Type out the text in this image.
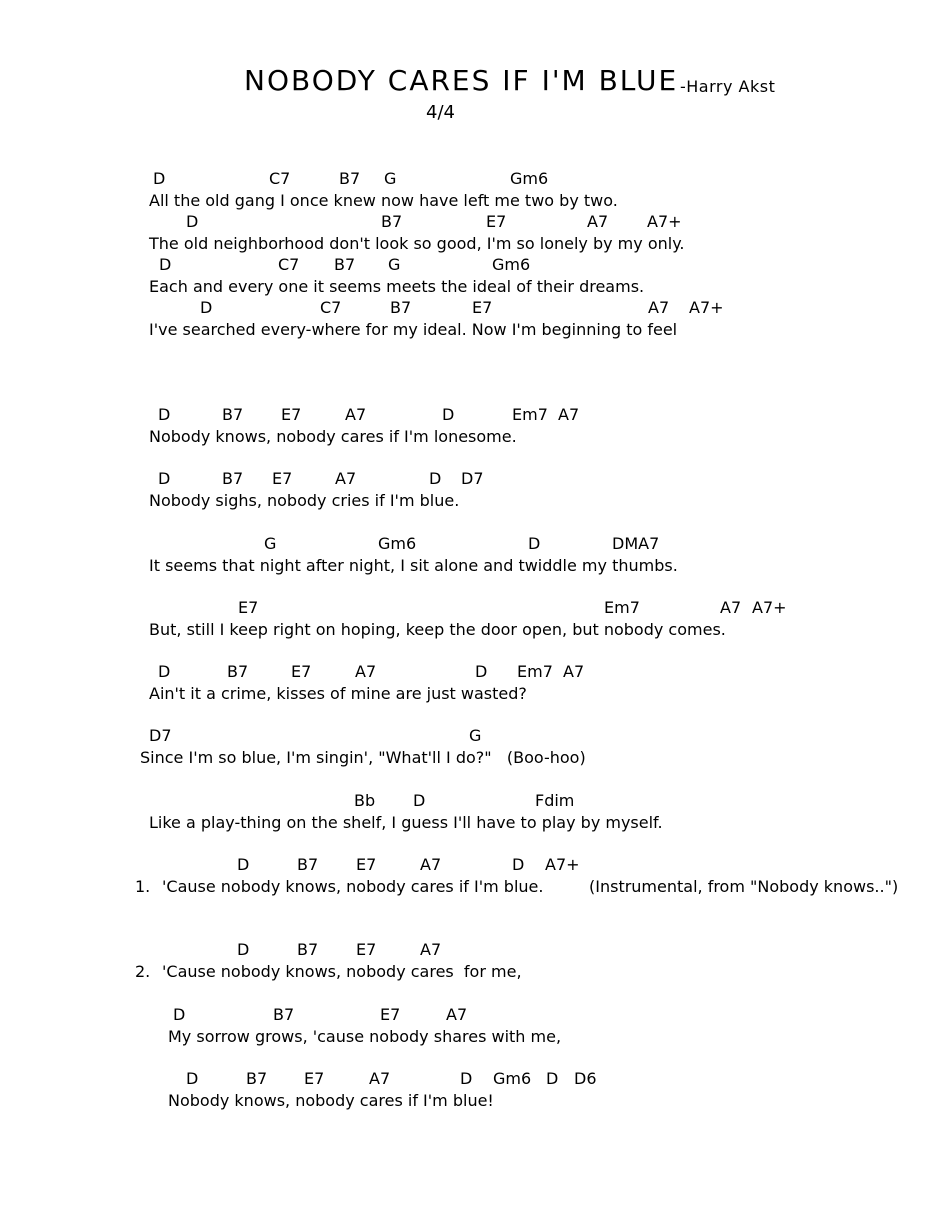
NOBODY CARES IF I'M BLUE -Harry Akst
4/4
D	C7	B7 G	Gm6
All the old gang I once knew now have left me two by two.
D	B7	E7	A7 A7+
The old neighborhood don't look so good, I'm so lonely by my only.
D	C7 B7 G	Gm6
Each and every one it seems meets the ideal of their dreams.
D	C7	B7	E7	A7 A7+
I've searched every-where for my ideal. Now I'm beginning to feel
D	B7 E7	A7	D	Em7 A7
Nobody knows, nobody cares if I'm lonesome.
D	B7 E7	A7	D D7
Nobody sighs, nobody cries if I'm blue.
G	Gm6	D	DMA7
It seems that night after night, I sit alone and twiddle my thumbs.
E7	Em7	A7 A7+
But, still I keep right on hoping, keep the door open, but nobody comes.
D	B7	E7	A7	D Em7 A7
Ain't it a crime, kisses of mine are just wasted?
D7	G
Since I'm so blue, I'm singin', "What'll I do?"   (Boo-hoo)
Bb D	Fdim
Like a play-thing on the shelf, I guess I'll have to play by myself.
D	B7 E7	A7	D A7+
1. 'Cause nobody knows, nobody cares if I'm blue.	(Instrumental, from "Nobody knows..")
D	B7 E7	A7
2. 'Cause nobody knows, nobody cares  for me,
D	B7	E7	A7
My sorrow grows, 'cause nobody shares with me,
D	B7 E7	A7	D Gm6 D D6
Nobody knows, nobody cares if I'm blue!
